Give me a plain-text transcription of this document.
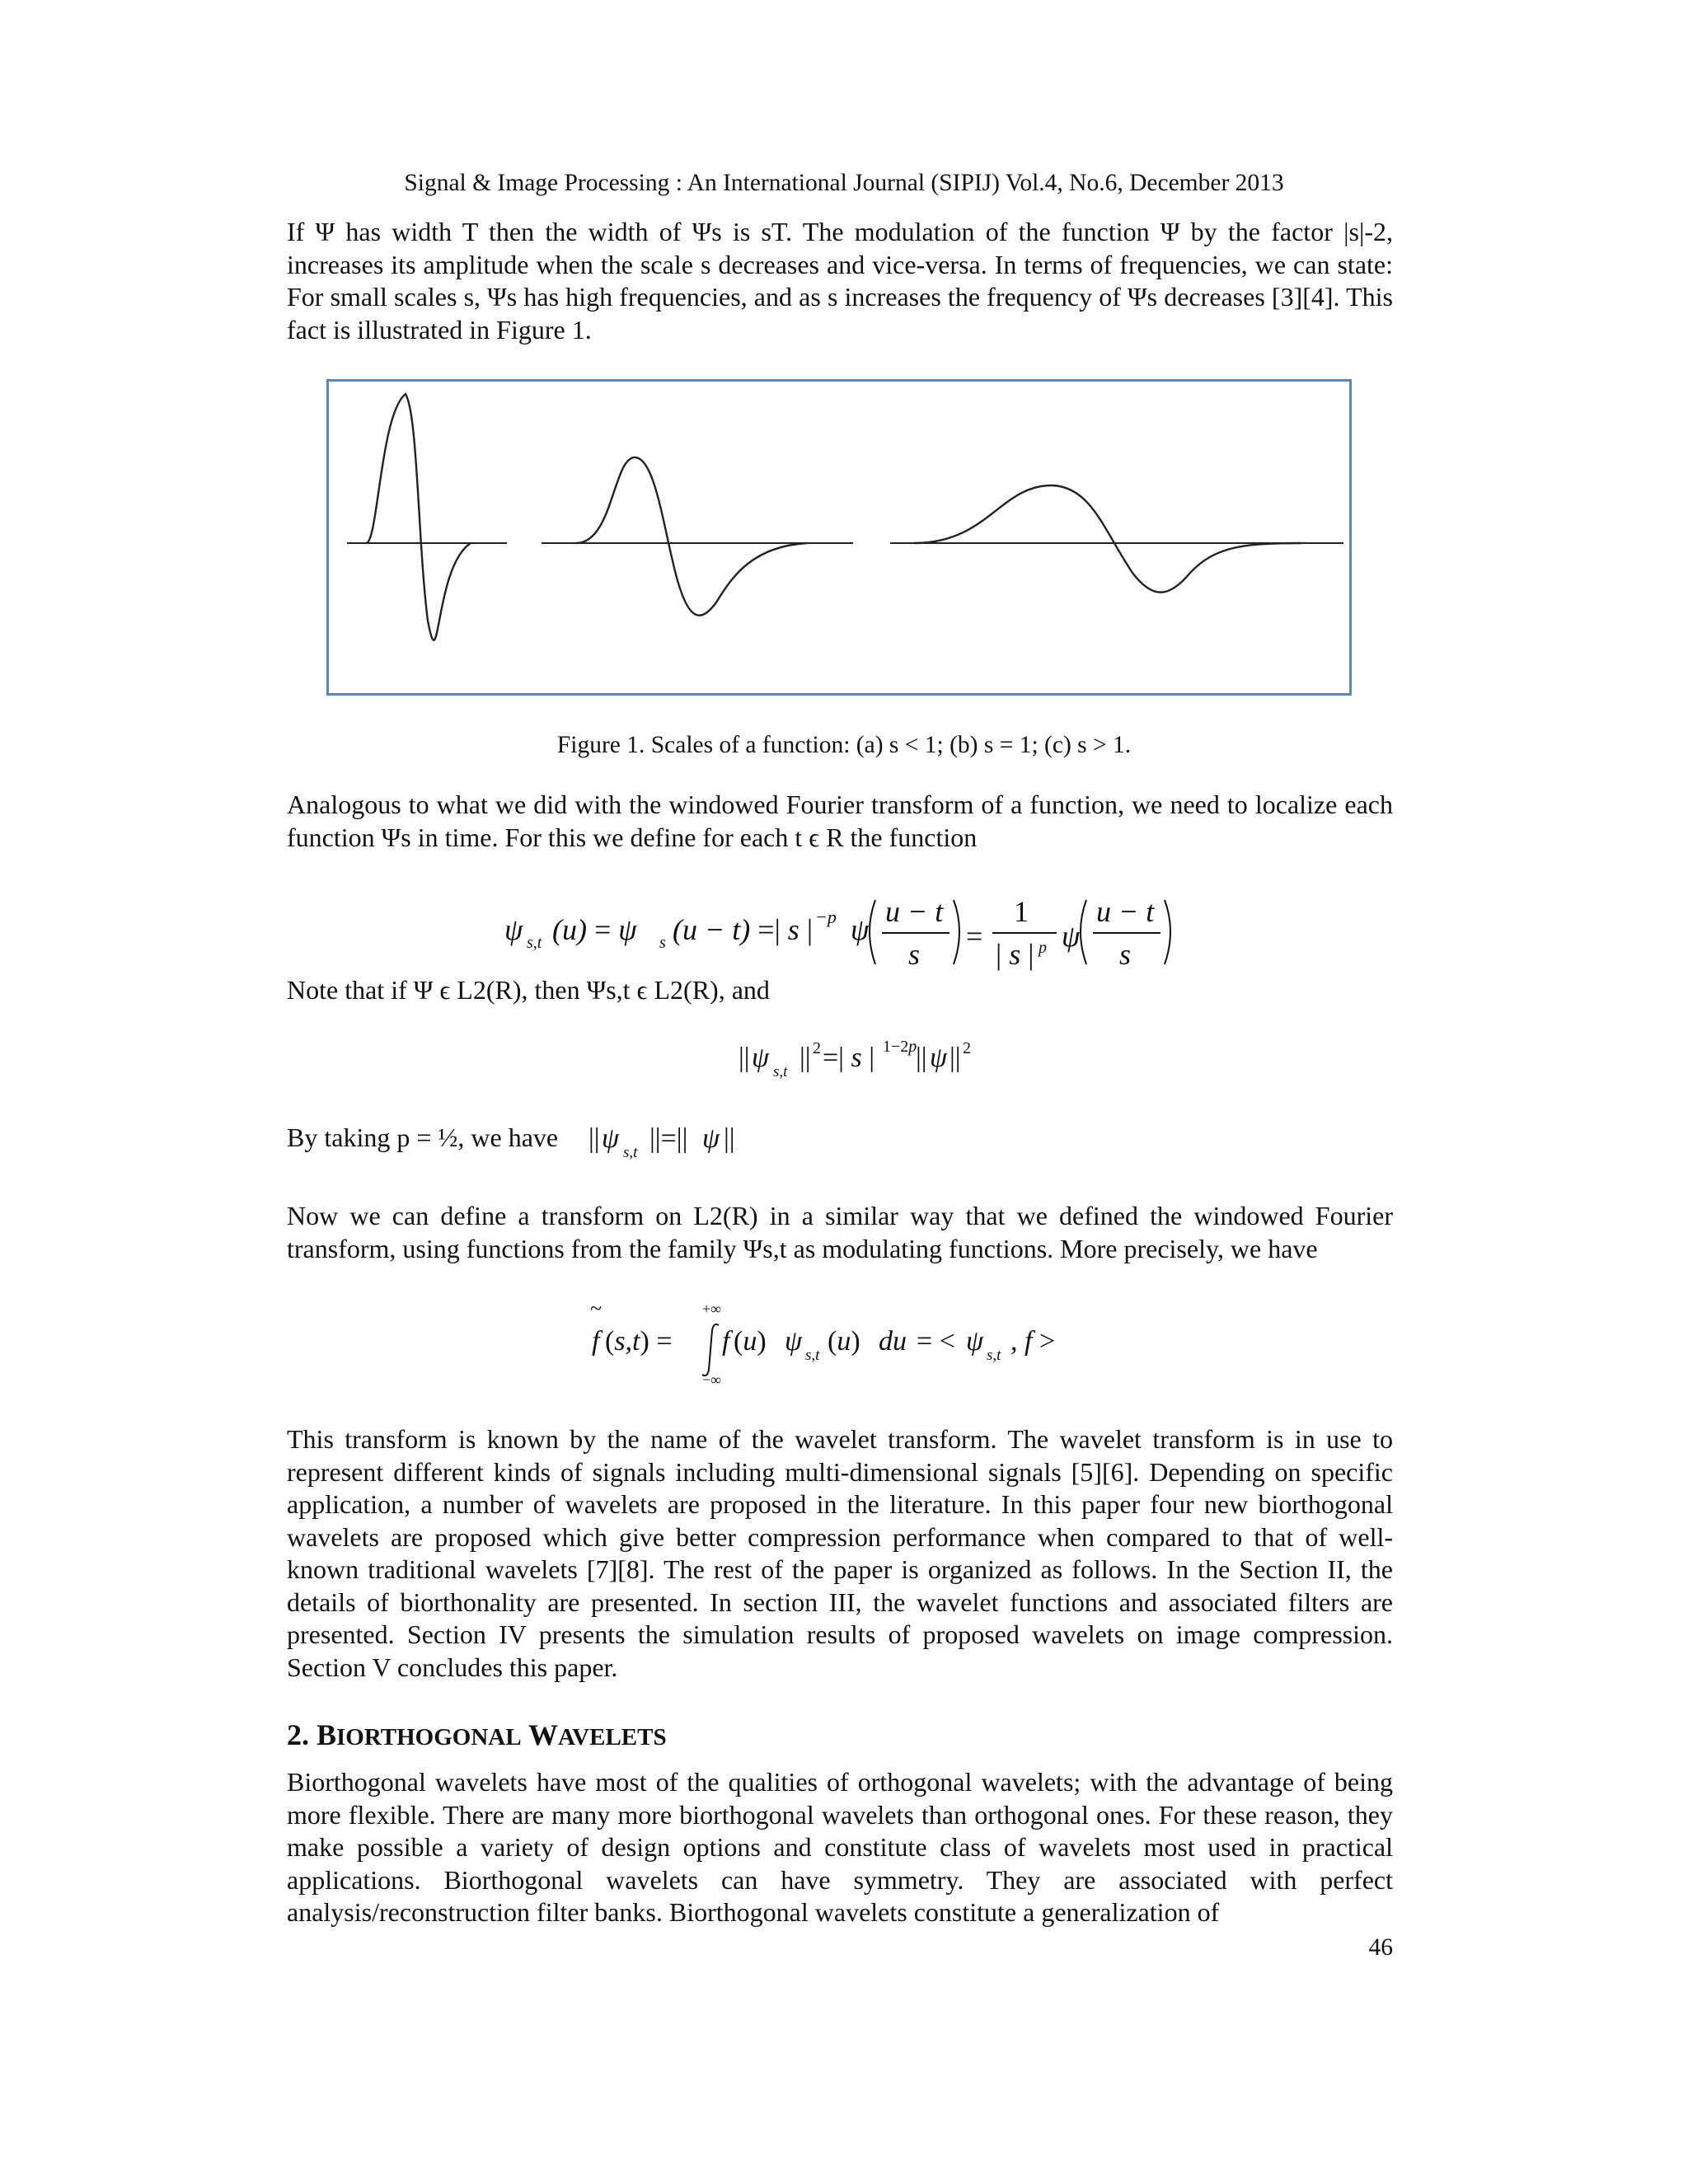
Signal & Image Processing : An International Journal (SIPIJ) Vol.4, No.6, December 2013

If Ψ has width T then the width of Ψs is sT. The modulation of the function Ψ by the factor |s|-2, increases its amplitude when the scale s decreases and vice-versa. In terms of frequencies, we can state: For small scales s, Ψs has high frequencies, and as s increases the frequency of Ψs decreases [3][4]. This fact is illustrated in Figure 1.

Figure 1. Scales of a function: (a) s < 1; (b) s = 1; (c) s > 1.

Analogous to what we did with the windowed Fourier transform of a function, we need to localize each function Ψs in time. For this we define for each t ϵ R the function

ψ s,t (u) = ψ s (u − t) =| s | −p ψ
u − t
s
=
1
| s | p ψ
u − t
s

Note that if Ψ ϵ L2(R), then Ψs,t ϵ L2(R), and

|| ψ s,t || 2 =| s | 1−2p
|| ψ || 2

By taking p = ½, we have || ψ s,t ||=|| ψ ||

Now we can define a transform on L2(R) in a similar way that we defined the windowed Fourier transform, using functions from the family Ψs,t as modulating functions. More precisely, we have

~
f (s,t) =
+∞
−∞
f (u) ψ s,t (u) du = < ψ s,t , f >

This transform is known by the name of the wavelet transform. The wavelet transform is in use to represent different kinds of signals including multi-dimensional signals [5][6]. Depending on specific application, a number of wavelets are proposed in the literature. In this paper four new biorthogonal wavelets are proposed which give better compression performance when compared to that of well-known traditional wavelets [7][8]. The rest of the paper is organized as follows. In the Section II, the details of biorthonality are presented. In section III, the wavelet functions and associated filters are presented. Section IV presents the simulation results of proposed wavelets on image compression. Section V concludes this paper.

2. BIORTHOGONAL WAVELETS

Biorthogonal wavelets have most of the qualities of orthogonal wavelets; with the advantage of being more flexible. There are many more biorthogonal wavelets than orthogonal ones. For these reason, they make possible a variety of design options and constitute class of wavelets most used in practical applications. Biorthogonal wavelets can have symmetry. They are associated with perfect analysis/reconstruction filter banks. Biorthogonal wavelets constitute a generalization of

46
